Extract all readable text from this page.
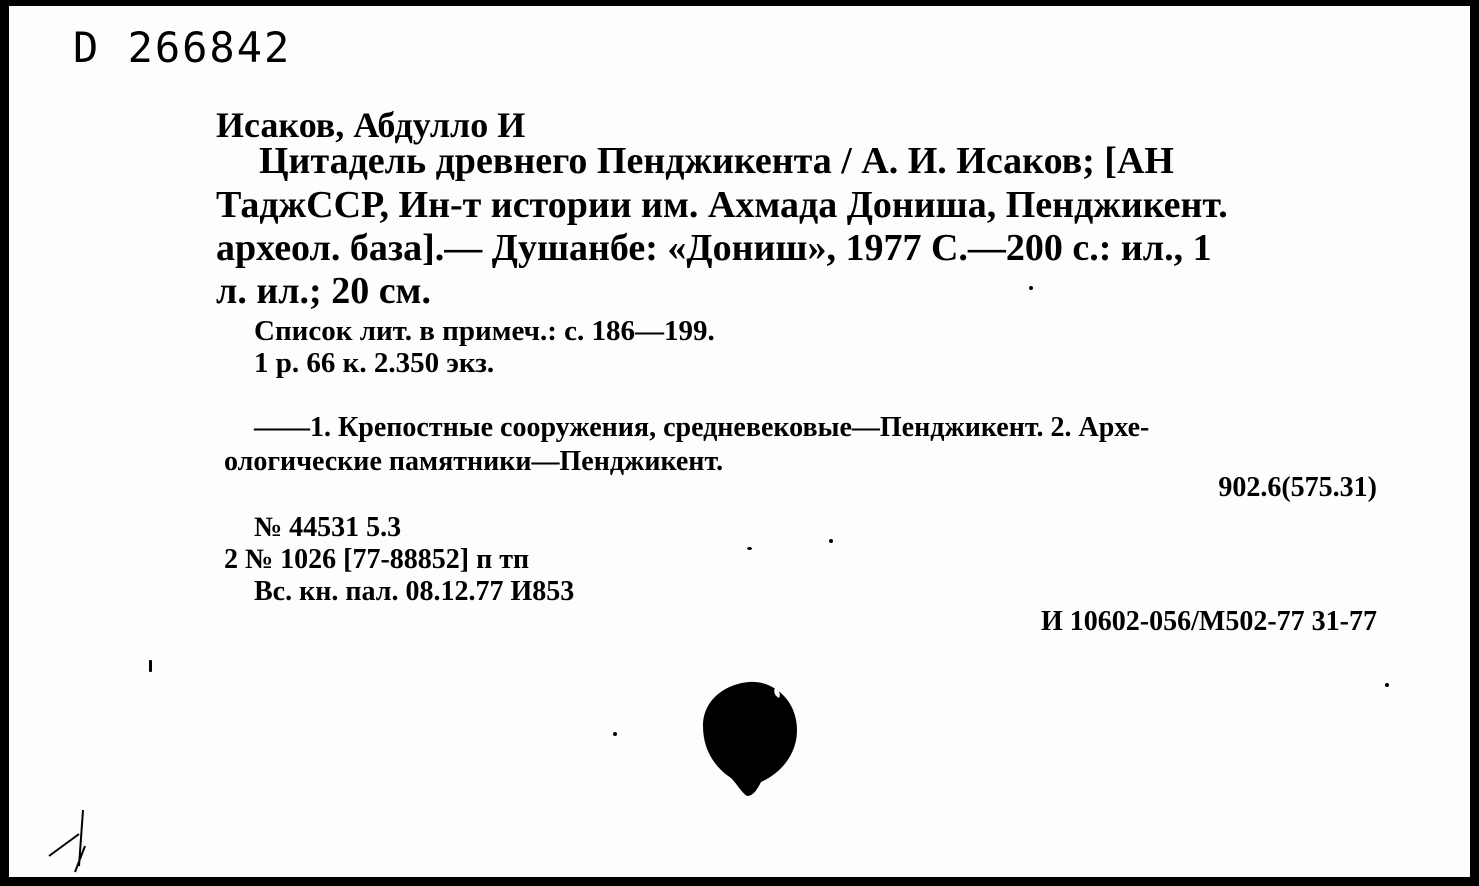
D 266842
Исаков, Абдулло И
Цитадель древнего Пенджикента / А. И. Исаков; [АН
ТаджССР, Ин-т истории им. Ахмада Дониша, Пенджикент.
археол. база].— Душанбе: «Дониш», 1977 С.—200 с.: ил., 1
л. ил.; 20 см.
Список лит. в примеч.: с. 186—199.
1 р. 66 к. 2.350 экз.
——1. Крепостные сооружения, средневековые—Пенджикент. 2. Архе-
ологические памятники—Пенджикент.
902.6(575.31)
№ 44531 5.3
2 № 1026 [77-88852] п тп
Вс. кн. пал. 08.12.77 И853
И 10602-056/М502-77 31-77
